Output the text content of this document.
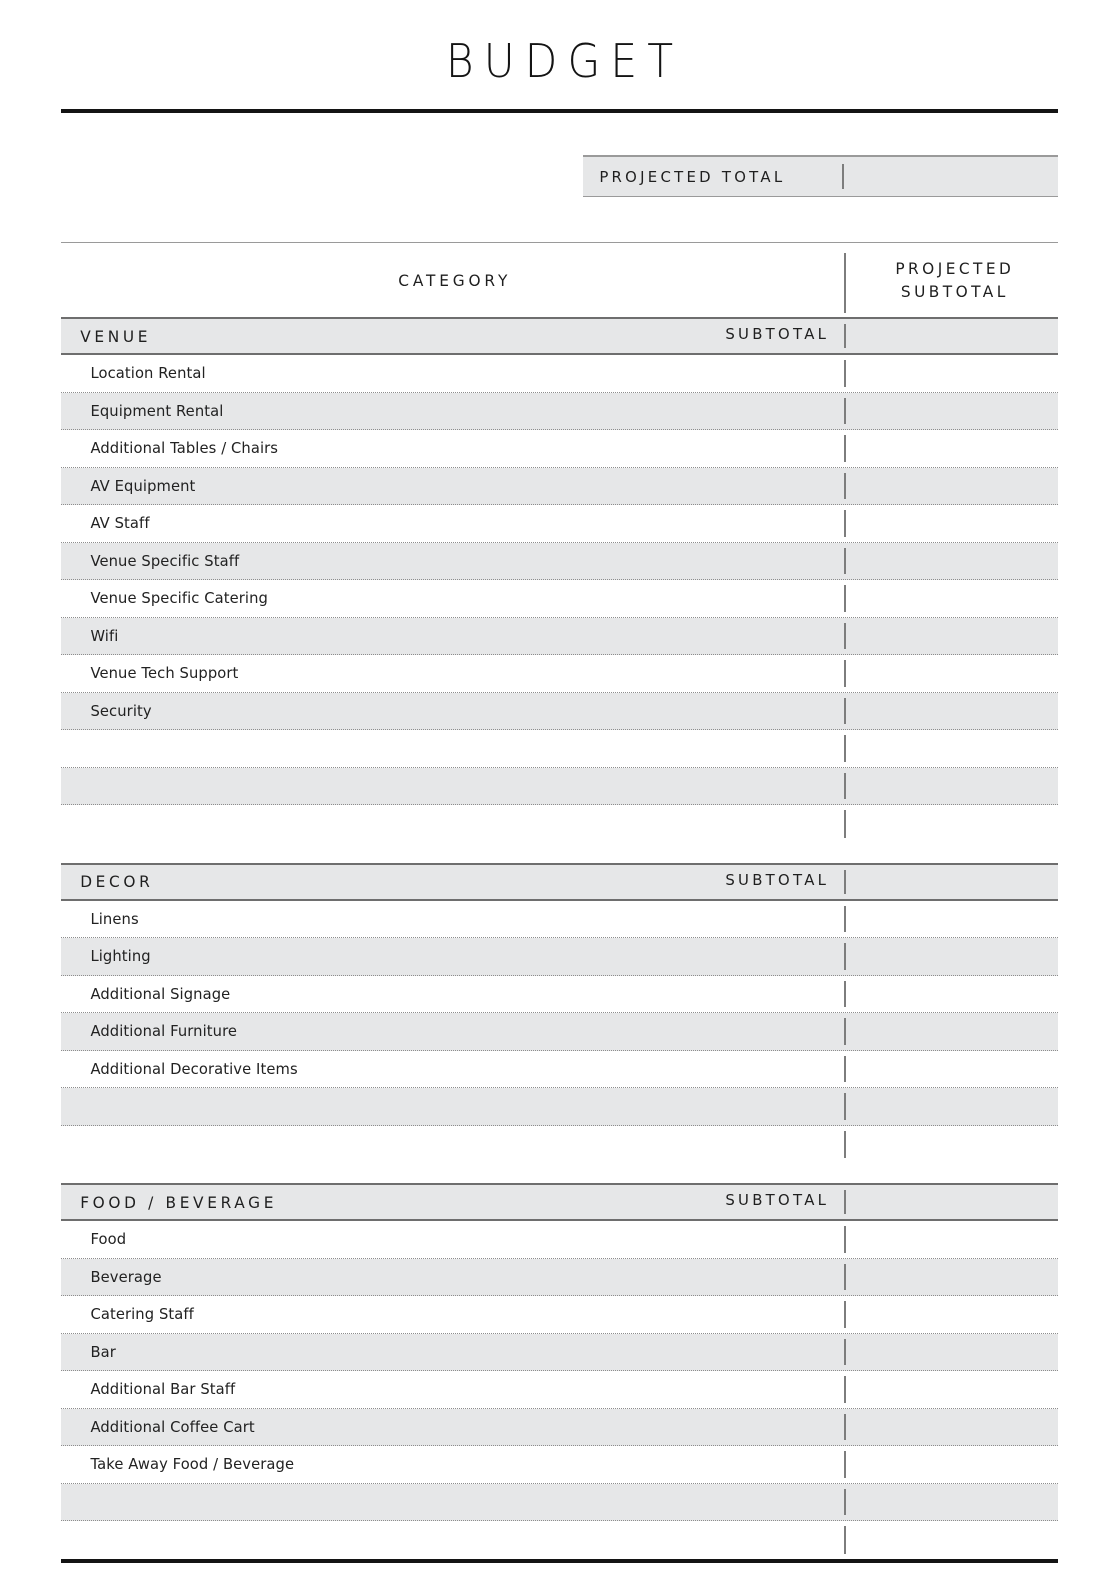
BUDGET
PROJECTED TOTAL
CATEGORY
PROJECTED
SUBTOTAL
VENUE	SUBTOTAL
Location Rental
Equipment Rental
Additional Tables / Chairs
AV Equipment
AV Staff
Venue Specific Staff
Venue Specific Catering
Wifi
Venue Tech Support
Security
DECOR	SUBTOTAL
Linens
Lighting
Additional Signage
Additional Furniture
Additional Decorative Items
FOOD / BEVERAGE	SUBTOTAL
Food
Beverage
Catering Staff
Bar
Additional Bar Staff
Additional Coffee Cart
Take Away Food / Beverage
